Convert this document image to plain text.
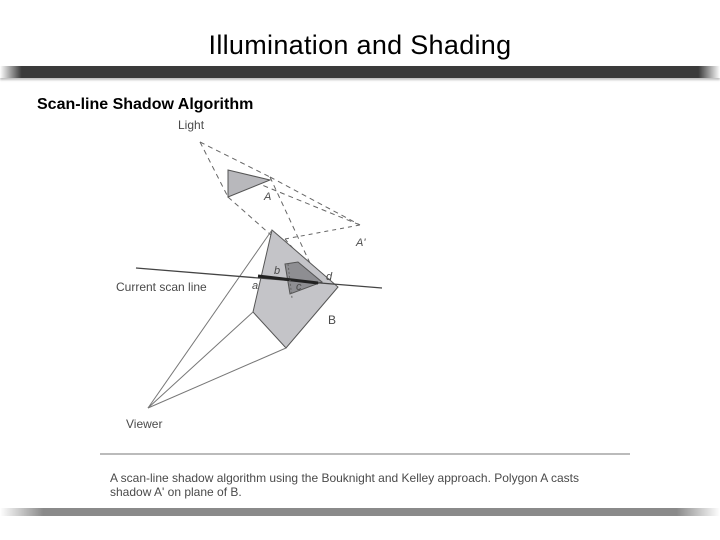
Illumination and Shading
Scan-line Shadow Algorithm
Light
A
A'
Current scan line	a
b
c
d
B
Viewer
A scan-line shadow algorithm using the Bouknight and Kelley approach. Polygon A casts
shadow A' on plane of B.
